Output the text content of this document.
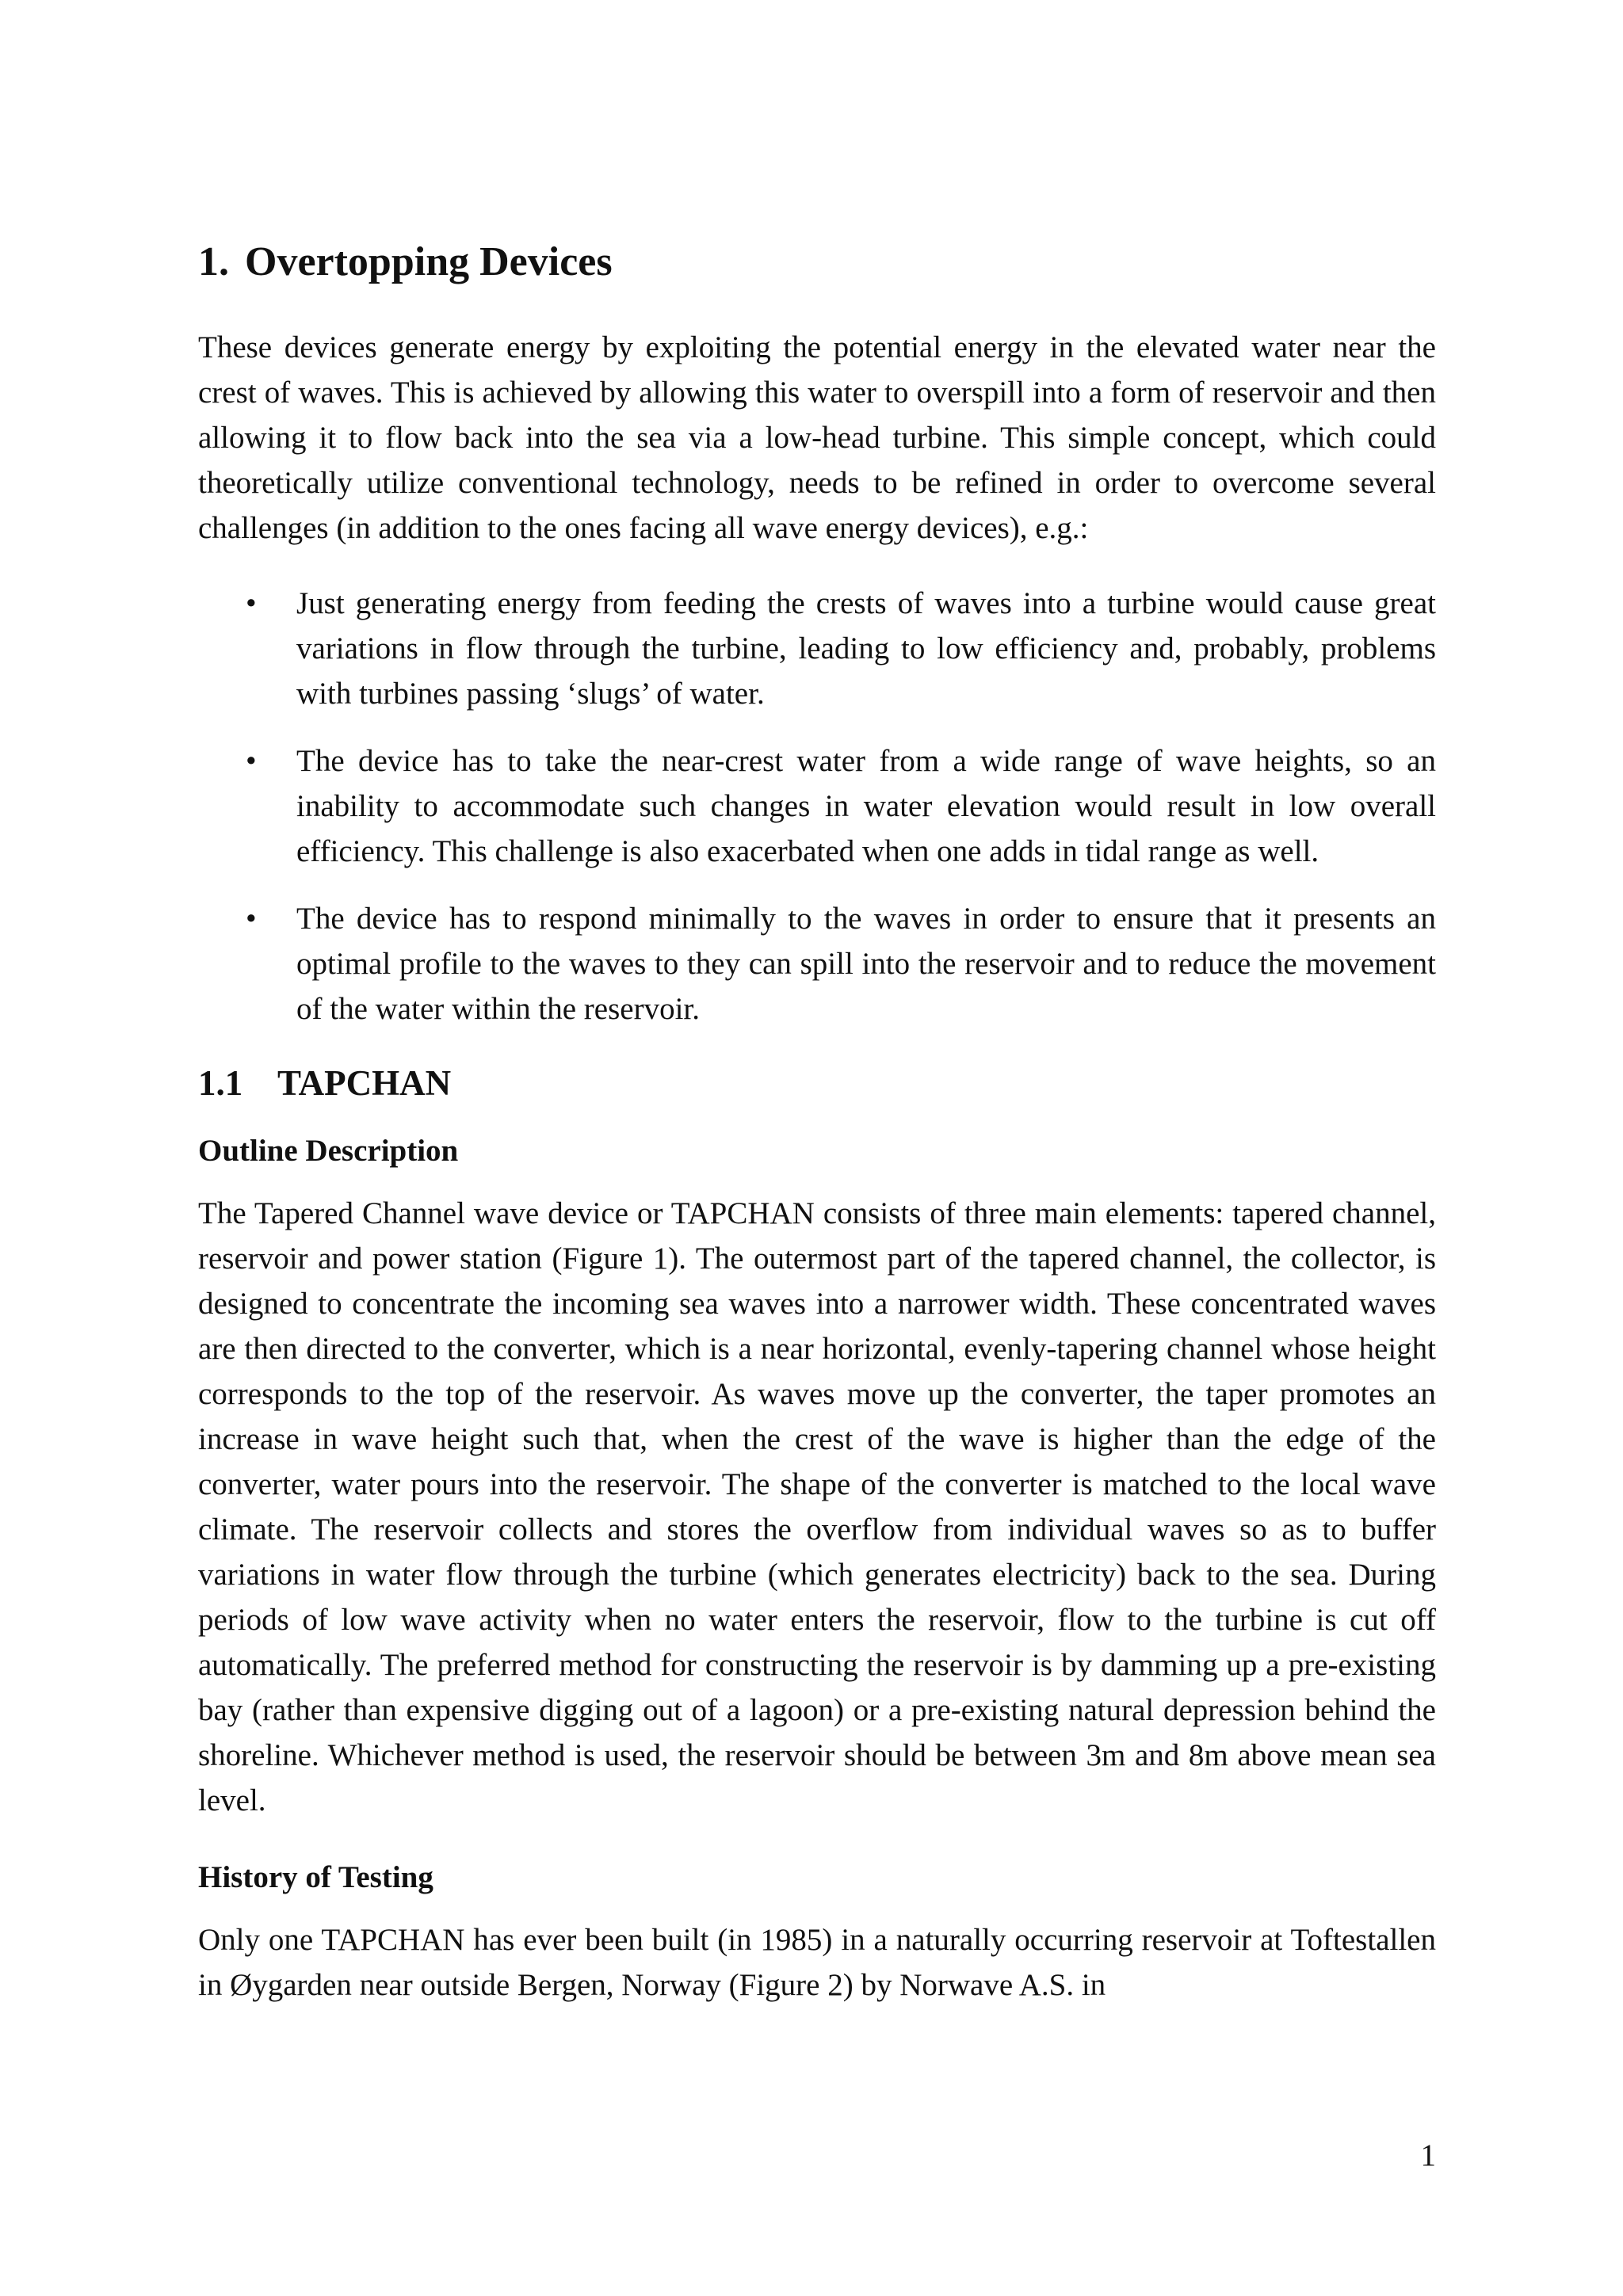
1. Overtopping Devices

These devices generate energy by exploiting the potential energy in the elevated water near the crest of waves. This is achieved by allowing this water to overspill into a form of reservoir and then allowing it to flow back into the sea via a low-head turbine. This simple concept, which could theoretically utilize conventional technology, needs to be refined in order to overcome several challenges (in addition to the ones facing all wave energy devices), e.g.:

• Just generating energy from feeding the crests of waves into a turbine would cause great variations in flow through the turbine, leading to low efficiency and, probably, problems with turbines passing ‘slugs’ of water.
• The device has to take the near-crest water from a wide range of wave heights, so an inability to accommodate such changes in water elevation would result in low overall efficiency. This challenge is also exacerbated when one adds in tidal range as well.
• The device has to respond minimally to the waves in order to ensure that it presents an optimal profile to the waves to they can spill into the reservoir and to reduce the movement of the water within the reservoir.
1.1 TAPCHAN
Outline Description

The Tapered Channel wave device or TAPCHAN consists of three main elements: tapered channel, reservoir and power station (Figure 1). The outermost part of the tapered channel, the collector, is designed to concentrate the incoming sea waves into a narrower width. These concentrated waves are then directed to the converter, which is a near horizontal, evenly-tapering channel whose height corresponds to the top of the reservoir. As waves move up the converter, the taper promotes an increase in wave height such that, when the crest of the wave is higher than the edge of the converter, water pours into the reservoir. The shape of the converter is matched to the local wave climate. The reservoir collects and stores the overflow from individual waves so as to buffer variations in water flow through the turbine (which generates electricity) back to the sea. During periods of low wave activity when no water enters the reservoir, flow to the turbine is cut off automatically. The preferred method for constructing the reservoir is by damming up a pre-existing bay (rather than expensive digging out of a lagoon) or a pre-existing natural depression behind the shoreline. Whichever method is used, the reservoir should be between 3m and 8m above mean sea level.

History of Testing

Only one TAPCHAN has ever been built (in 1985) in a naturally occurring reservoir at Toftestallen in Øygarden near outside Bergen, Norway (Figure 2) by Norwave A.S. in

1
